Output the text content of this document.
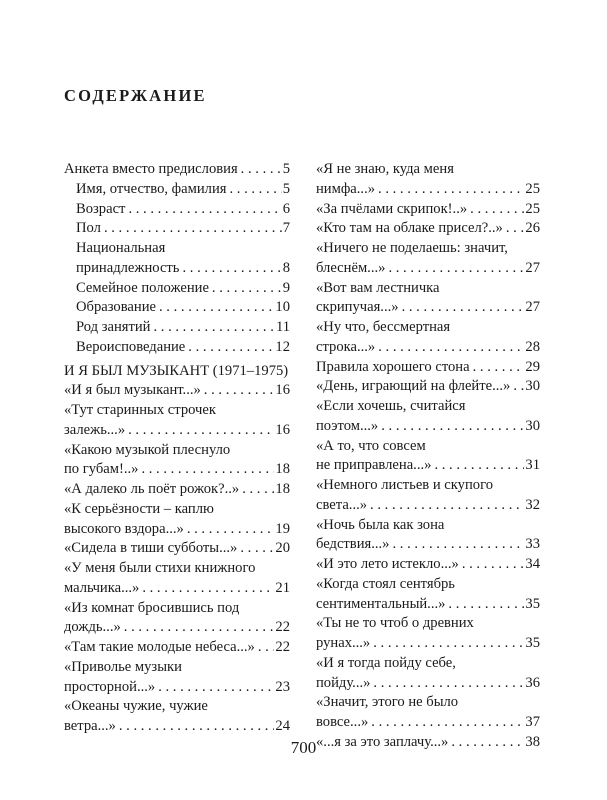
СОДЕРЖАНИЕ
Анкета вместо предисловия . . .	5
Имя, отчество, фамилия . . .	5
Возраст . . .	6
Пол . . .	7
Национальная
принадлежность . . .	8
Семейное положение . . .	9
Образование . . .	10
Род занятий . . .	11
Вероисповедание . . .	12
И Я БЫЛ МУЗЫКАНТ (1971–1975)
«И я был музыкант...» . . .	16
«Тут старинных строчек
залежь...» . . .	16
«Какою музыкой плеснуло
по губам!..» . . .	18
«А далеко ль поёт рожок?..» . . . 18
«К серьёзности – каплю
высокого вздора...» . . .	19
«Сидела в тиши субботы...» . . .	20
«У меня были стихи книжного
мальчика...» . . .	21
«Из комнат бросившись под
дождь...» . . .	22
«Там такие молодые небеса...» . . . 22
«Приволье музыки
просторной...» . . .	23
«Океаны чужие, чужие
ветра...» . . .	24
«Я не знаю, куда меня
нимфа...» . . .	25
«За пчёлами скрипок!..» . . .	25
«Кто там на облаке присел?..» . . . 26
«Ничего не поделаешь: значит,
блеснём...» . . .	27
«Вот вам лестничка
скрипучая...» . . .	27
«Ну что, бессмертная
строка...» . . .	28
Правила хорошего стона . . .	29
«День, играющий на флейте...» . . . 30
«Если хочешь, считайся
поэтом...» . . .	30
«А то, что совсем
не приправлена...» . . .	31
«Немного листьев и скупого
света...» . . .	32
«Ночь была как зона
бедствия...» . . .	33
«И это лето истекло...» . . .	34
«Когда стоял сентябрь
сентиментальный...» . . .	35
«Ты не то чтоб о древних
рунах...» . . .	35
«И я тогда пойду себе,
пойду...» . . .	36
«Значит, этого не было
вовсе...» . . .	37
«...я за это заплачу...» . . .	38
700
